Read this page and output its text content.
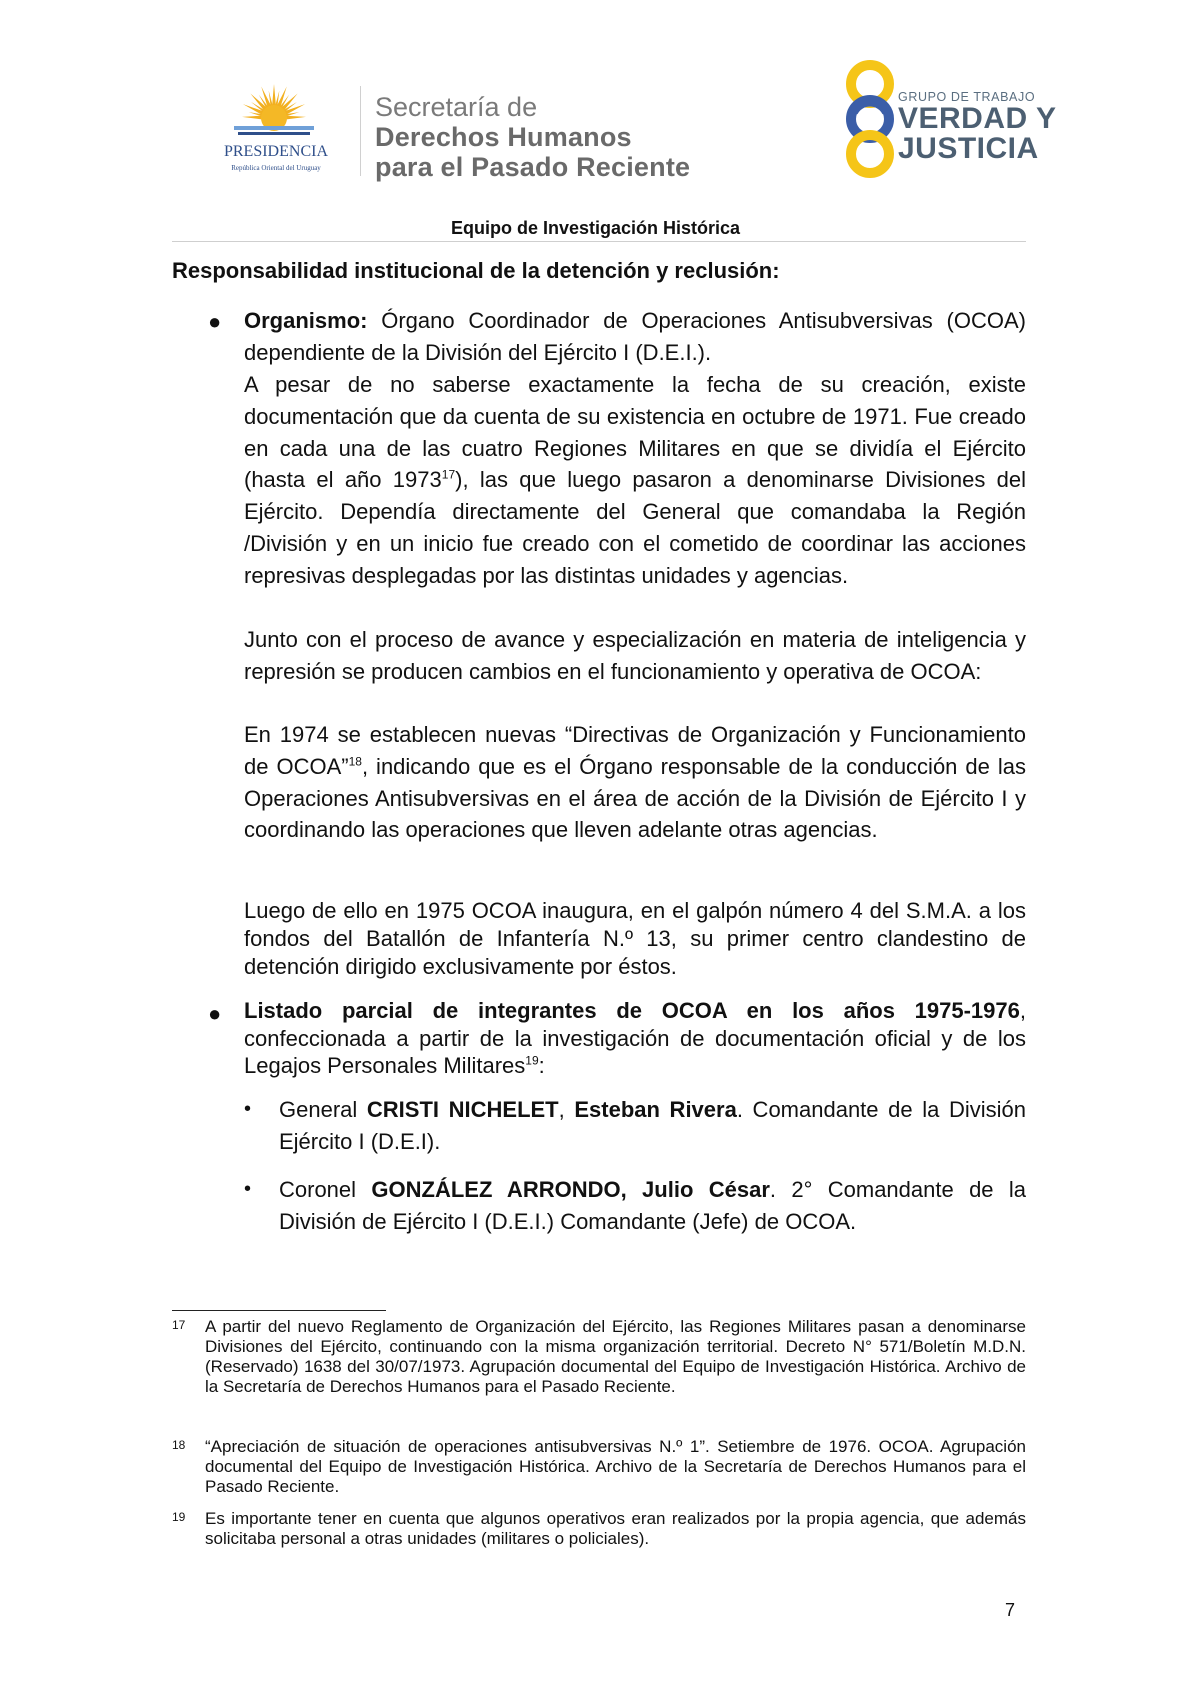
PRESIDENCIA
República Oriental del Uruguay
Secretaría de
Derechos Humanos
para el Pasado Reciente
GRUPO DE TRABAJO
VERDAD Y
JUSTICIA
Equipo de Investigación Histórica
Responsabilidad institucional de la detención y reclusión:
● Organismo: Órgano Coordinador de Operaciones Antisubversivas (OCOA) dependiente de la División del Ejército I (D.E.I.).
A pesar de no saberse exactamente la fecha de su creación, existe documentación que da cuenta de su existencia en octubre de 1971. Fue creado en cada una de las cuatro Regiones Militares en que se dividía el Ejército (hasta el año 1973$^{17}$), las que luego pasaron a denominarse Divisiones del Ejército. Dependía directamente del General que comandaba la Región /División y en un inicio fue creado con el cometido de coordinar las acciones represivas desplegadas por las distintas unidades y agencias.
Junto con el proceso de avance y especialización en materia de inteligencia y represión se producen cambios en el funcionamiento y operativa de OCOA:
En 1974 se establecen nuevas “Directivas de Organización y Funcionamiento de OCOA”$^{18}$, indicando que es el Órgano responsable de la conducción de las Operaciones Antisubversivas en el área de acción de la División de Ejército I y coordinando las operaciones que lleven adelante otras agencias.
Luego de ello en 1975 OCOA inaugura, en el galpón número 4 del S.M.A. a los fondos del Batallón de Infantería N.º 13, su primer centro clandestino de detención dirigido exclusivamente por éstos.
● Listado parcial de integrantes de OCOA en los años 1975-1976, confeccionada a partir de la investigación de documentación oficial y de los Legajos Personales Militares$^{19}$:
• General CRISTI NICHELET, Esteban Rivera. Comandante de la División Ejército I (D.E.I).
• Coronel GONZÁLEZ ARRONDO, Julio César. 2° Comandante de la División de Ejército I (D.E.I.) Comandante (Jefe) de OCOA.
17 A partir del nuevo Reglamento de Organización del Ejército, las Regiones Militares pasan a denominarse Divisiones del Ejército, continuando con la misma organización territorial. Decreto N° 571/Boletín M.D.N. (Reservado) 1638 del 30/07/1973. Agrupación documental del Equipo de Investigación Histórica. Archivo de la Secretaría de Derechos Humanos para el Pasado Reciente.
18 “Apreciación de situación de operaciones antisubversivas N.º 1”. Setiembre de 1976. OCOA. Agrupación documental del Equipo de Investigación Histórica. Archivo de la Secretaría de Derechos Humanos para el Pasado Reciente.
19 Es importante tener en cuenta que algunos operativos eran realizados por la propia agencia, que además solicitaba personal a otras unidades (militares o policiales).
7
